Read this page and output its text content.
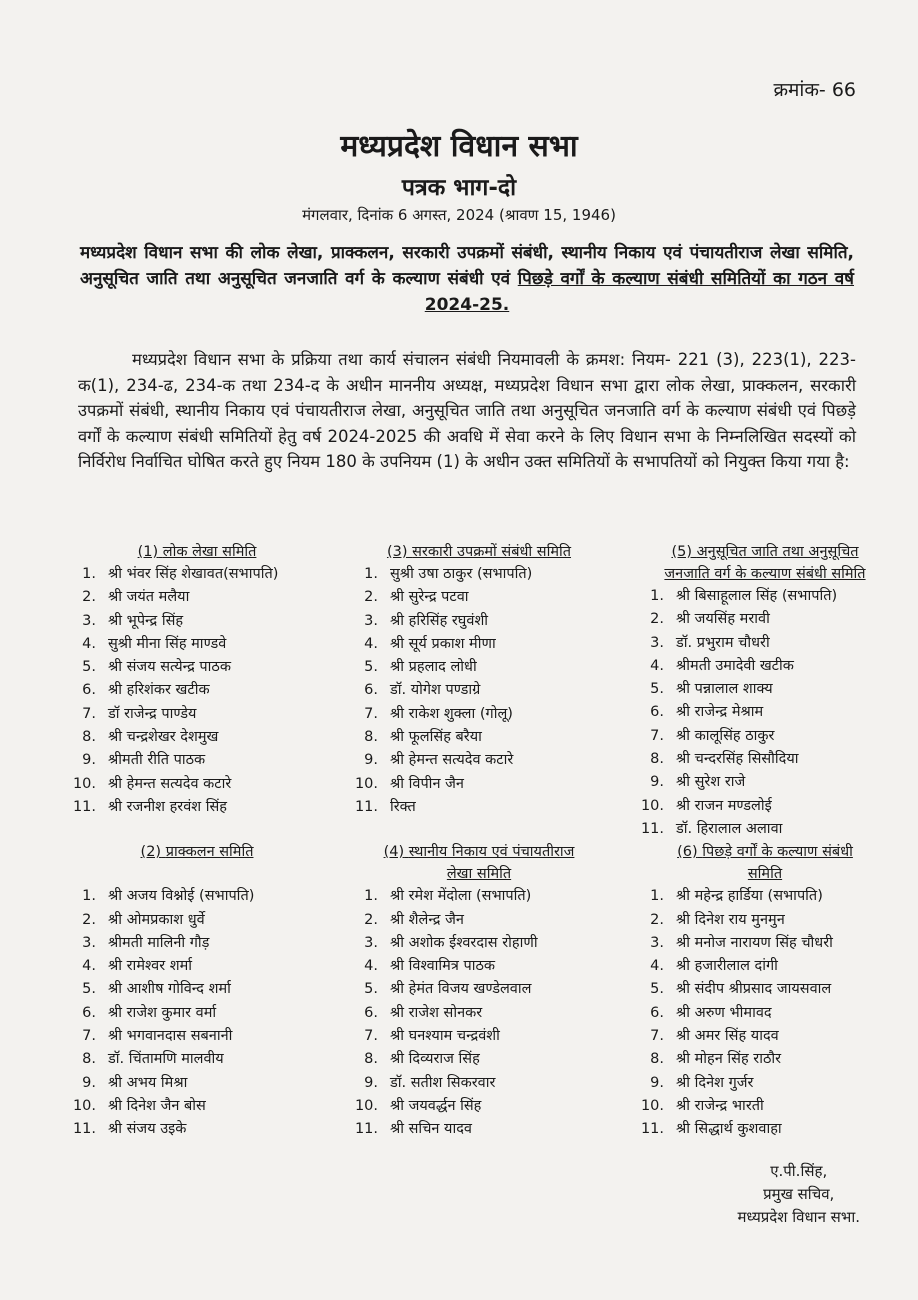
क्रमांक- 66
मध्यप्रदेश विधान सभा
पत्रक भाग-दो
मंगलवार, दिनांक 6 अगस्त, 2024 (श्रावण 15, 1946)
मध्यप्रदेश विधान सभा की लोक लेखा, प्राक्कलन, सरकारी उपक्रमों संबंधी, स्थानीय निकाय एवं पंचायतीराज लेखा समिति, अनुसूचित जाति तथा अनुसूचित जनजाति वर्ग के कल्याण संबंधी एवं पिछड़े वर्गों के कल्याण संबंधी समितियों का गठन वर्ष 2024-25.
मध्यप्रदेश विधान सभा के प्रक्रिया तथा कार्य संचालन संबंधी नियमावली के क्रमश: नियम- 221 (3), 223(1), 223-क(1), 234-ढ, 234-क तथा 234-द के अधीन माननीय अध्यक्ष, मध्यप्रदेश विधान सभा द्वारा लोक लेखा, प्राक्कलन, सरकारी उपक्रमों संबंधी, स्थानीय निकाय एवं पंचायतीराज लेखा, अनुसूचित जाति तथा अनुसूचित जनजाति वर्ग के कल्याण संबंधी एवं पिछड़े वर्गों के कल्याण संबंधी समितियों हेतु वर्ष 2024-2025 की अवधि में सेवा करने के लिए विधान सभा के निम्नलिखित सदस्यों को निर्विरोध निर्वाचित घोषित करते हुए नियम 180 के उपनियम (1) के अधीन उक्त समितियों के सभापतियों को नियुक्त किया गया है:
(1) लोक लेखा समिति
1. श्री भंवर सिंह शेखावत(सभापति)
2. श्री जयंत मलैया
3. श्री भूपेन्द्र सिंह
4. सुश्री मीना सिंह माण्डवे
5. श्री संजय सत्येन्द्र पाठक
6. श्री हरिशंकर खटीक
7. डॉ राजेन्द्र पाण्डेय
8. श्री चन्द्रशेखर देशमुख
9. श्रीमती रीति पाठक
10. श्री हेमन्त सत्यदेव कटारे
11. श्री रजनीश हरवंश सिंह
(2) प्राक्कलन समिति
1. श्री अजय विश्नोई (सभापति)
2. श्री ओमप्रकाश धुर्वे
3. श्रीमती मालिनी गौड़
4. श्री रामेश्वर शर्मा
5. श्री आशीष गोविन्द शर्मा
6. श्री राजेश कुमार वर्मा
7. श्री भगवानदास सबनानी
8. डॉ. चिंतामणि मालवीय
9. श्री अभय मिश्रा
10. श्री दिनेश जैन बोस
11. श्री संजय उइके
(3) सरकारी उपक्रमों संबंधी समिति
1. सुश्री उषा ठाकुर (सभापति)
2. श्री सुरेन्द्र पटवा
3. श्री हरिसिंह रघुवंशी
4. श्री सूर्य प्रकाश मीणा
5. श्री प्रहलाद लोधी
6. डॉ. योगेश पण्डाग्रे
7. श्री राकेश शुक्ला (गोलू)
8. श्री फूलसिंह बरैया
9. श्री हेमन्त सत्यदेव कटारे
10. श्री विपीन जैन
11. रिक्त
(4) स्थानीय निकाय एवं पंचायतीराज
लेखा समिति
1. श्री रमेश मेंदोला (सभापति)
2. श्री शैलेन्द्र जैन
3. श्री अशोक ईश्वरदास रोहाणी
4. श्री विश्वामित्र पाठक
5. श्री हेमंत विजय खण्डेलवाल
6. श्री राजेश सोनकर
7. श्री घनश्याम चन्द्रवंशी
8. श्री दिव्यराज सिंह
9. डॉ. सतीश सिकरवार
10. श्री जयवर्द्धन सिंह
11. श्री सचिन यादव
(5) अनुसूचित जाति तथा अनुसूचित
जनजाति वर्ग के कल्याण संबंधी समिति
1. श्री बिसाहूलाल सिंह (सभापति)
2. श्री जयसिंह मरावी
3. डॉ. प्रभुराम चौधरी
4. श्रीमती उमादेवी खटीक
5. श्री पन्नालाल शाक्य
6. श्री राजेन्द्र मेश्राम
7. श्री कालूसिंह ठाकुर
8. श्री चन्दरसिंह सिसौदिया
9. श्री सुरेश राजे
10. श्री राजन मण्डलोई
11. डॉ. हिरालाल अलावा
(6) पिछड़े वर्गों के कल्याण संबंधी
समिति
1. श्री महेन्द्र हार्डिया (सभापति)
2. श्री दिनेश राय मुनमुन
3. श्री मनोज नारायण सिंह चौधरी
4. श्री हजारीलाल दांगी
5. श्री संदीप श्रीप्रसाद जायसवाल
6. श्री अरुण भीमावद
7. श्री अमर सिंह यादव
8. श्री मोहन सिंह राठौर
9. श्री दिनेश गुर्जर
10. श्री राजेन्द्र भारती
11. श्री सिद्धार्थ कुशवाहा
ए.पी.सिंह,
प्रमुख सचिव,
मध्यप्रदेश विधान सभा.
